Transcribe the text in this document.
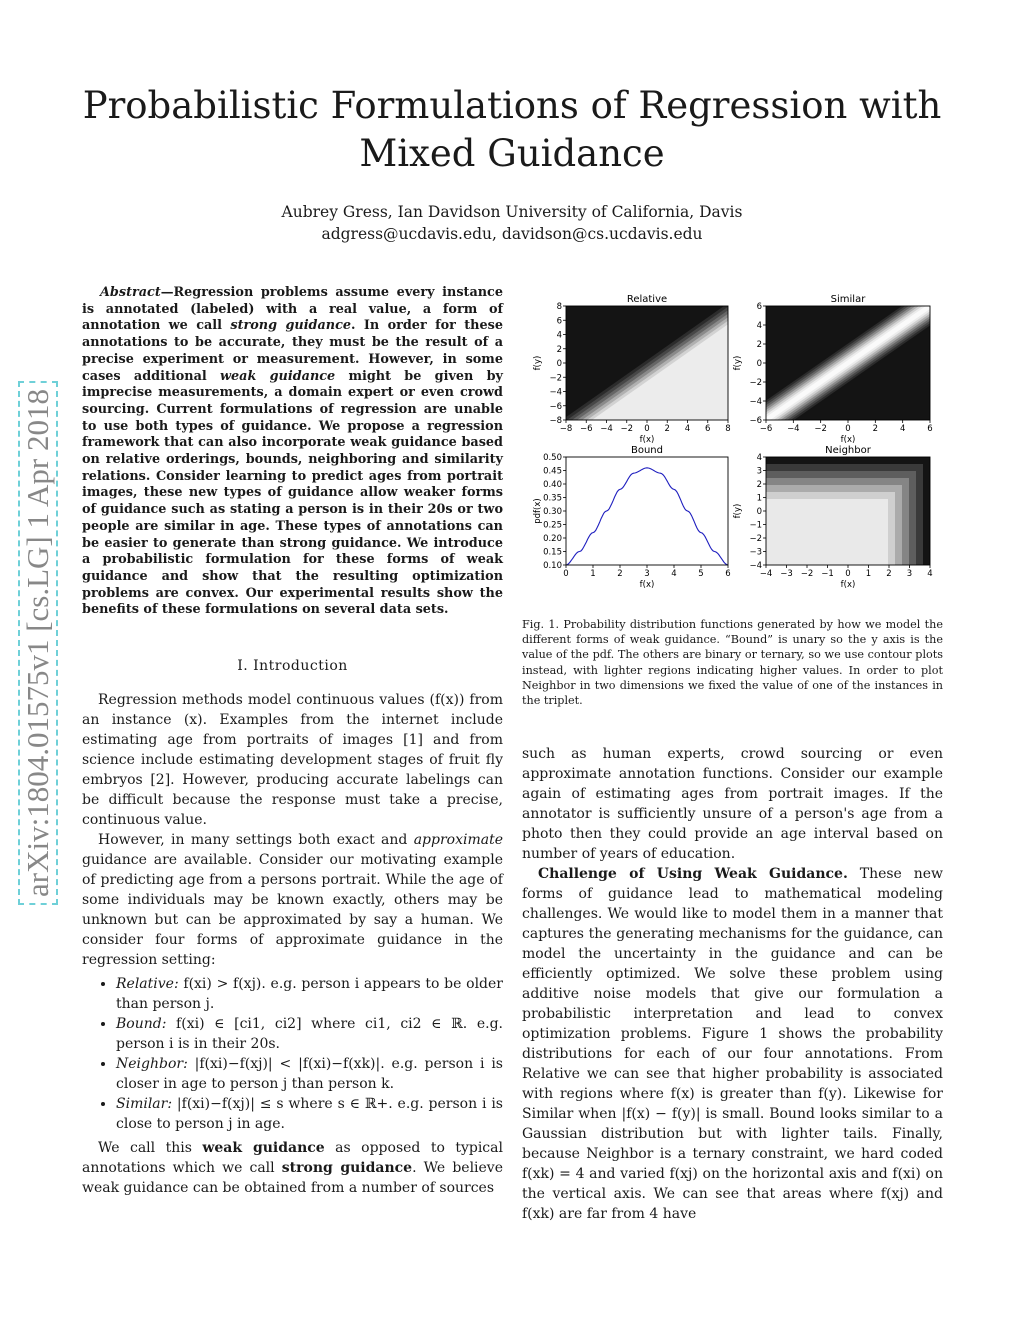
Probabilistic Formulations of Regression with Mixed Guidance
Aubrey Gress, Ian Davidson University of California, Davis
adgress@ucdavis.edu, davidson@cs.ucdavis.edu
arXiv:1804.01575v1 [cs.LG] 1 Apr 2018
Abstract—Regression problems assume every instance is annotated (labeled) with a real value, a form of annotation we call strong guidance. In order for these annotations to be accurate, they must be the result of a precise experiment or measurement. However, in some cases additional weak guidance might be given by imprecise measurements, a domain expert or even crowd sourcing. Current formulations of regression are unable to use both types of guidance. We propose a regression framework that can also incorporate weak guidance based on relative orderings, bounds, neighboring and similarity relations. Consider learning to predict ages from portrait images, these new types of guidance allow weaker forms of guidance such as stating a person is in their 20s or two people are similar in age. These types of annotations can be easier to generate than strong guidance. We introduce a probabilistic formulation for these forms of weak guidance and show that the resulting optimization problems are convex. Our experimental results show the benefits of these formulations on several data sets.
I. Introduction

Regression methods model continuous values (f(x)) from an instance (x). Examples from the internet include estimating age from portraits of images [1] and from science include estimating development stages of fruit fly embryos [2]. However, producing accurate labelings can be difficult because the response must take a precise, continuous value.

However, in many settings both exact and approximate guidance are available. Consider our motivating example of predicting age from a persons portrait. While the age of some individuals may be known exactly, others may be unknown but can be approximated by say a human. We consider four forms of approximate guidance in the regression setting:

• Relative: f(xi) > f(xj). e.g. person i appears to be older than person j.
• Bound: f(xi) ∈ [ci1, ci2] where ci1, ci2 ∈ ℝ. e.g. person i is in their 20s.
• Neighbor: |f(xi)−f(xj)| < |f(xi)−f(xk)|. e.g. person i is closer in age to person j than person k.
• Similar: |f(xi)−f(xj)| ≤ s where s ∈ ℝ+. e.g. person i is close to person j in age.

We call this weak guidance as opposed to typical annotations which we call strong guidance. We believe weak guidance can be obtained from a number of sources

−8 −6 −4 −2 0 2 4 6 8
−8
−6
−4
−2
0
2
4
6
8
Relative
f(x)
f(y)
−6 −4 −2 0	2	4	6
−6
−4
−2
0
2
4
6
Similar
f(x)
f(y)
0	1	2	3	4	5	6
0.10
0.15
0.20
0.25
0.30
0.35
0.40
0.45
0.50
Bound
f(x)
pdf(x)
−4 −3 −2 −1 0 1 2 3 4
−4
−3
−2
−1
0
1
2
3
4
Neighbor
f(x)
f(y)
Fig. 1. Probability distribution functions generated by how we model the different forms of weak guidance. “Bound” is unary so the y axis is the value of the pdf. The others are binary or ternary, so we use contour plots instead, with lighter regions indicating higher values. In order to plot Neighbor in two dimensions we fixed the value of one of the instances in the triplet.

such as human experts, crowd sourcing or even approximate annotation functions. Consider our example again of estimating ages from portrait images. If the annotator is sufficiently unsure of a person's age from a photo then they could provide an age interval based on number of years of education.

Challenge of Using Weak Guidance. These new forms of guidance lead to mathematical modeling challenges. We would like to model them in a manner that captures the generating mechanisms for the guidance, can model the uncertainty in the guidance and can be efficiently optimized. We solve these problem using additive noise models that give our formulation a probabilistic interpretation and lead to convex optimization problems. Figure 1 shows the probability distributions for each of our four annotations. From Relative we can see that higher probability is associated with regions where f(x) is greater than f(y). Likewise for Similar when |f(x) − f(y)| is small. Bound looks similar to a Gaussian distribution but with lighter tails. Finally, because Neighbor is a ternary constraint, we hard coded f(xk) = 4 and varied f(xj) on the horizontal axis and f(xi) on the vertical axis. We can see that areas where f(xj) and f(xk) are far from 4 have
